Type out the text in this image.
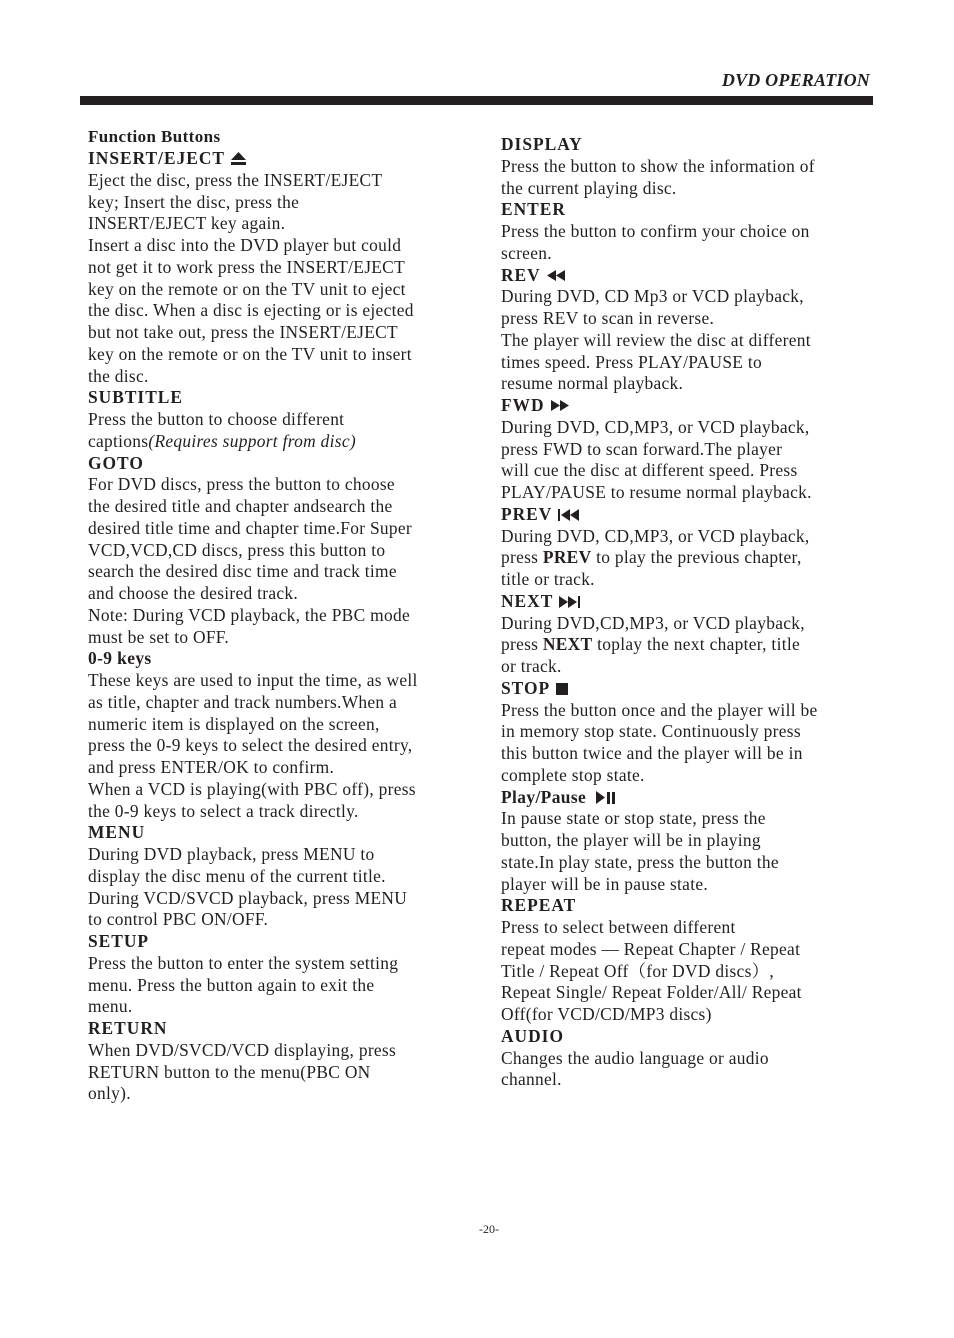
DVD OPERATION
Function Buttons
INSERT/EJECT
Eject the disc, press the INSERT/EJECT
key; Insert the disc, press the
INSERT/EJECT key again.
Insert a disc into the DVD player but could
not get it to work press the INSERT/EJECT
key on the remote or on the TV unit to eject
the disc. When a disc is ejecting or is ejected
but not take out, press the INSERT/EJECT
key on the remote or on the TV unit to insert
the disc.
SUBTITLE
Press the button to choose different
captions(Requires support from disc)
GOTO
For DVD discs, press the button to choose
the desired title and chapter andsearch the
desired title time and chapter time.For Super
VCD,VCD,CD discs, press this button to
search the desired disc time and track time
and choose the desired track.
Note: During VCD playback, the PBC mode
must be set to OFF.
0-9 keys
These keys are used to input the time, as well
as title, chapter and track numbers.When a
numeric item is displayed on the screen,
press the 0-9 keys to select the desired entry,
and press ENTER/OK to confirm.
When a VCD is playing(with PBC off), press
the 0-9 keys to select a track directly.
MENU
During DVD playback, press MENU to
display the disc menu of the current title.
During VCD/SVCD playback, press MENU
to control PBC ON/OFF.
SETUP
Press the button to enter the system setting
menu. Press the button again to exit the
menu.
RETURN
When DVD/SVCD/VCD displaying, press
RETURN button to the menu(PBC ON
only).
DISPLAY
Press the button to show the information of
the current playing disc.
ENTER
Press the button to confirm your choice on
screen.
REV
During DVD, CD Mp3 or VCD playback,
press REV to scan in reverse.
The player will review the disc at different
times speed. Press PLAY/PAUSE to
resume normal playback.
FWD
During DVD, CD,MP3, or VCD playback,
press FWD to scan forward.The player
will cue the disc at different speed. Press
PLAY/PAUSE to resume normal playback.
PREV
During DVD, CD,MP3, or VCD playback,
press PREV to play the previous chapter,
title or track.
NEXT
During DVD,CD,MP3, or VCD playback,
press NEXT toplay the next chapter, title
or track.
STOP
Press the button once and the player will be
in memory stop state. Continuously press
this button twice and the player will be in
complete stop state.
Play/Pause
In pause state or stop state, press the
button, the player will be in playing
state.In play state, press the button the
player will be in pause state.
REPEAT
Press to select between different
repeat modes — Repeat Chapter / Repeat
Title / Repeat Off（for DVD discs）,
Repeat Single/ Repeat Folder/All/ Repeat
Off(for VCD/CD/MP3 discs)
AUDIO
Changes the audio language or audio
channel.
-20-
